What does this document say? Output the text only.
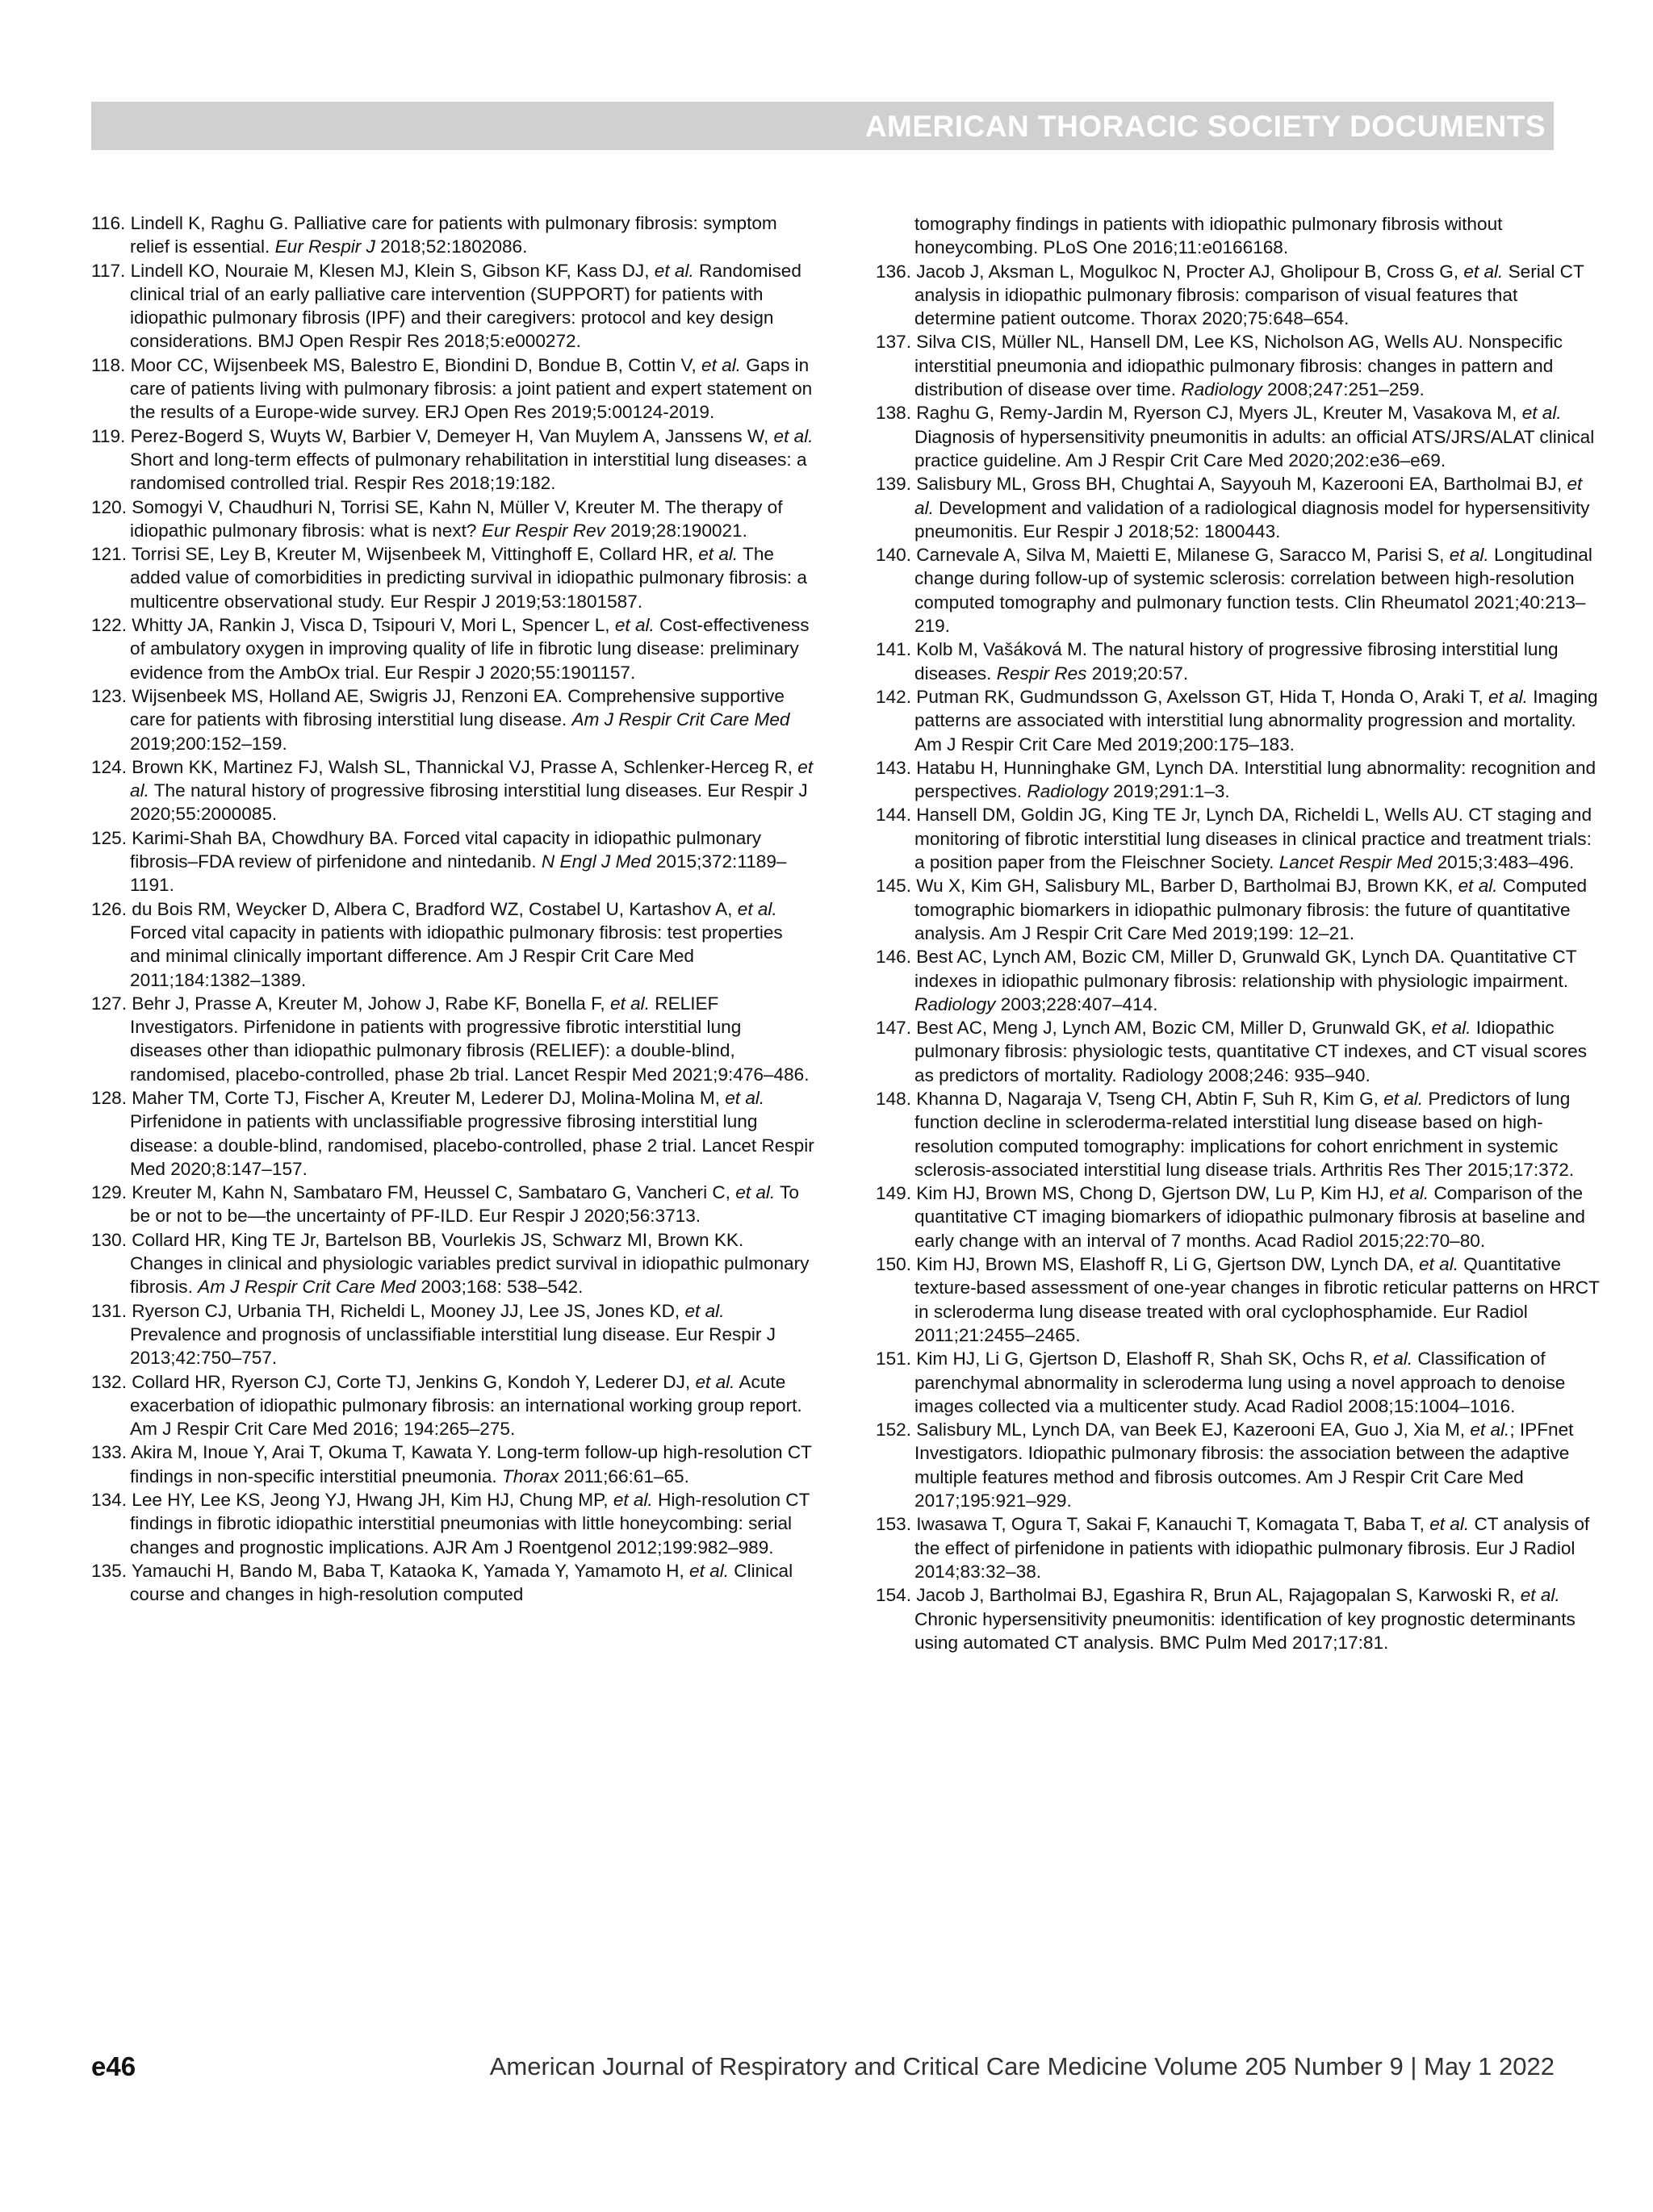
AMERICAN THORACIC SOCIETY DOCUMENTS

116. Lindell K, Raghu G. Palliative care for patients with pulmonary fibrosis: symptom relief is essential. Eur Respir J 2018;52:1802086.

117. Lindell KO, Nouraie M, Klesen MJ, Klein S, Gibson KF, Kass DJ, et al. Randomised clinical trial of an early palliative care intervention (SUPPORT) for patients with idiopathic pulmonary fibrosis (IPF) and their caregivers: protocol and key design considerations. BMJ Open Respir Res 2018;5:e000272.

118. Moor CC, Wijsenbeek MS, Balestro E, Biondini D, Bondue B, Cottin V, et al. Gaps in care of patients living with pulmonary fibrosis: a joint patient and expert statement on the results of a Europe-wide survey. ERJ Open Res 2019;5:00124-2019.

119. Perez-Bogerd S, Wuyts W, Barbier V, Demeyer H, Van Muylem A, Janssens W, et al. Short and long-term effects of pulmonary rehabilitation in interstitial lung diseases: a randomised controlled trial. Respir Res 2018;19:182.

120. Somogyi V, Chaudhuri N, Torrisi SE, Kahn N, Müller V, Kreuter M. The therapy of idiopathic pulmonary fibrosis: what is next? Eur Respir Rev 2019;28:190021.

121. Torrisi SE, Ley B, Kreuter M, Wijsenbeek M, Vittinghoff E, Collard HR, et al. The added value of comorbidities in predicting survival in idiopathic pulmonary fibrosis: a multicentre observational study. Eur Respir J 2019;53:1801587.

122. Whitty JA, Rankin J, Visca D, Tsipouri V, Mori L, Spencer L, et al. Cost-effectiveness of ambulatory oxygen in improving quality of life in fibrotic lung disease: preliminary evidence from the AmbOx trial. Eur Respir J 2020;55:1901157.

123. Wijsenbeek MS, Holland AE, Swigris JJ, Renzoni EA. Comprehensive supportive care for patients with fibrosing interstitial lung disease. Am J Respir Crit Care Med 2019;200:152–159.

124. Brown KK, Martinez FJ, Walsh SL, Thannickal VJ, Prasse A, Schlenker-Herceg R, et al. The natural history of progressive fibrosing interstitial lung diseases. Eur Respir J 2020;55:2000085.

125. Karimi-Shah BA, Chowdhury BA. Forced vital capacity in idiopathic pulmonary fibrosis–FDA review of pirfenidone and nintedanib. N Engl J Med 2015;372:1189–1191.

126. du Bois RM, Weycker D, Albera C, Bradford WZ, Costabel U, Kartashov A, et al. Forced vital capacity in patients with idiopathic pulmonary fibrosis: test properties and minimal clinically important difference. Am J Respir Crit Care Med 2011;184:1382–1389.

127. Behr J, Prasse A, Kreuter M, Johow J, Rabe KF, Bonella F, et al. RELIEF Investigators. Pirfenidone in patients with progressive fibrotic interstitial lung diseases other than idiopathic pulmonary fibrosis (RELIEF): a double-blind, randomised, placebo-controlled, phase 2b trial. Lancet Respir Med 2021;9:476–486.

128. Maher TM, Corte TJ, Fischer A, Kreuter M, Lederer DJ, Molina-Molina M, et al. Pirfenidone in patients with unclassifiable progressive fibrosing interstitial lung disease: a double-blind, randomised, placebo-controlled, phase 2 trial. Lancet Respir Med 2020;8:147–157.

129. Kreuter M, Kahn N, Sambataro FM, Heussel C, Sambataro G, Vancheri C, et al. To be or not to be—the uncertainty of PF-ILD. Eur Respir J 2020;56:3713.

130. Collard HR, King TE Jr, Bartelson BB, Vourlekis JS, Schwarz MI, Brown KK. Changes in clinical and physiologic variables predict survival in idiopathic pulmonary fibrosis. Am J Respir Crit Care Med 2003;168: 538–542.

131. Ryerson CJ, Urbania TH, Richeldi L, Mooney JJ, Lee JS, Jones KD, et al. Prevalence and prognosis of unclassifiable interstitial lung disease. Eur Respir J 2013;42:750–757.

132. Collard HR, Ryerson CJ, Corte TJ, Jenkins G, Kondoh Y, Lederer DJ, et al. Acute exacerbation of idiopathic pulmonary fibrosis: an international working group report. Am J Respir Crit Care Med 2016; 194:265–275.

133. Akira M, Inoue Y, Arai T, Okuma T, Kawata Y. Long-term follow-up high-resolution CT findings in non-specific interstitial pneumonia. Thorax 2011;66:61–65.

134. Lee HY, Lee KS, Jeong YJ, Hwang JH, Kim HJ, Chung MP, et al. High-resolution CT findings in fibrotic idiopathic interstitial pneumonias with little honeycombing: serial changes and prognostic implications. AJR Am J Roentgenol 2012;199:982–989.

135. Yamauchi H, Bando M, Baba T, Kataoka K, Yamada Y, Yamamoto H, et al. Clinical course and changes in high-resolution computed

tomography findings in patients with idiopathic pulmonary fibrosis without honeycombing. PLoS One 2016;11:e0166168.

136. Jacob J, Aksman L, Mogulkoc N, Procter AJ, Gholipour B, Cross G, et al. Serial CT analysis in idiopathic pulmonary fibrosis: comparison of visual features that determine patient outcome. Thorax 2020;75:648–654.

137. Silva CIS, Müller NL, Hansell DM, Lee KS, Nicholson AG, Wells AU. Nonspecific interstitial pneumonia and idiopathic pulmonary fibrosis: changes in pattern and distribution of disease over time. Radiology 2008;247:251–259.

138. Raghu G, Remy-Jardin M, Ryerson CJ, Myers JL, Kreuter M, Vasakova M, et al. Diagnosis of hypersensitivity pneumonitis in adults: an official ATS/JRS/ALAT clinical practice guideline. Am J Respir Crit Care Med 2020;202:e36–e69.

139. Salisbury ML, Gross BH, Chughtai A, Sayyouh M, Kazerooni EA, Bartholmai BJ, et al. Development and validation of a radiological diagnosis model for hypersensitivity pneumonitis. Eur Respir J 2018;52: 1800443.

140. Carnevale A, Silva M, Maietti E, Milanese G, Saracco M, Parisi S, et al. Longitudinal change during follow-up of systemic sclerosis: correlation between high-resolution computed tomography and pulmonary function tests. Clin Rheumatol 2021;40:213–219.

141. Kolb M, Vašáková M. The natural history of progressive fibrosing interstitial lung diseases. Respir Res 2019;20:57.

142. Putman RK, Gudmundsson G, Axelsson GT, Hida T, Honda O, Araki T, et al. Imaging patterns are associated with interstitial lung abnormality progression and mortality. Am J Respir Crit Care Med 2019;200:175–183.

143. Hatabu H, Hunninghake GM, Lynch DA. Interstitial lung abnormality: recognition and perspectives. Radiology 2019;291:1–3.

144. Hansell DM, Goldin JG, King TE Jr, Lynch DA, Richeldi L, Wells AU. CT staging and monitoring of fibrotic interstitial lung diseases in clinical practice and treatment trials: a position paper from the Fleischner Society. Lancet Respir Med 2015;3:483–496.

145. Wu X, Kim GH, Salisbury ML, Barber D, Bartholmai BJ, Brown KK, et al. Computed tomographic biomarkers in idiopathic pulmonary fibrosis: the future of quantitative analysis. Am J Respir Crit Care Med 2019;199: 12–21.

146. Best AC, Lynch AM, Bozic CM, Miller D, Grunwald GK, Lynch DA. Quantitative CT indexes in idiopathic pulmonary fibrosis: relationship with physiologic impairment. Radiology 2003;228:407–414.

147. Best AC, Meng J, Lynch AM, Bozic CM, Miller D, Grunwald GK, et al. Idiopathic pulmonary fibrosis: physiologic tests, quantitative CT indexes, and CT visual scores as predictors of mortality. Radiology 2008;246: 935–940.

148. Khanna D, Nagaraja V, Tseng CH, Abtin F, Suh R, Kim G, et al. Predictors of lung function decline in scleroderma-related interstitial lung disease based on high-resolution computed tomography: implications for cohort enrichment in systemic sclerosis-associated interstitial lung disease trials. Arthritis Res Ther 2015;17:372.

149. Kim HJ, Brown MS, Chong D, Gjertson DW, Lu P, Kim HJ, et al. Comparison of the quantitative CT imaging biomarkers of idiopathic pulmonary fibrosis at baseline and early change with an interval of 7 months. Acad Radiol 2015;22:70–80.

150. Kim HJ, Brown MS, Elashoff R, Li G, Gjertson DW, Lynch DA, et al. Quantitative texture-based assessment of one-year changes in fibrotic reticular patterns on HRCT in scleroderma lung disease treated with oral cyclophosphamide. Eur Radiol 2011;21:2455–2465.

151. Kim HJ, Li G, Gjertson D, Elashoff R, Shah SK, Ochs R, et al. Classification of parenchymal abnormality in scleroderma lung using a novel approach to denoise images collected via a multicenter study. Acad Radiol 2008;15:1004–1016.

152. Salisbury ML, Lynch DA, van Beek EJ, Kazerooni EA, Guo J, Xia M, et al.; IPFnet Investigators. Idiopathic pulmonary fibrosis: the association between the adaptive multiple features method and fibrosis outcomes. Am J Respir Crit Care Med 2017;195:921–929.

153. Iwasawa T, Ogura T, Sakai F, Kanauchi T, Komagata T, Baba T, et al. CT analysis of the effect of pirfenidone in patients with idiopathic pulmonary fibrosis. Eur J Radiol 2014;83:32–38.

154. Jacob J, Bartholmai BJ, Egashira R, Brun AL, Rajagopalan S, Karwoski R, et al. Chronic hypersensitivity pneumonitis: identification of key prognostic determinants using automated CT analysis. BMC Pulm Med 2017;17:81.

e46	American Journal of Respiratory and Critical Care Medicine Volume 205 Number 9 | May 1 2022
